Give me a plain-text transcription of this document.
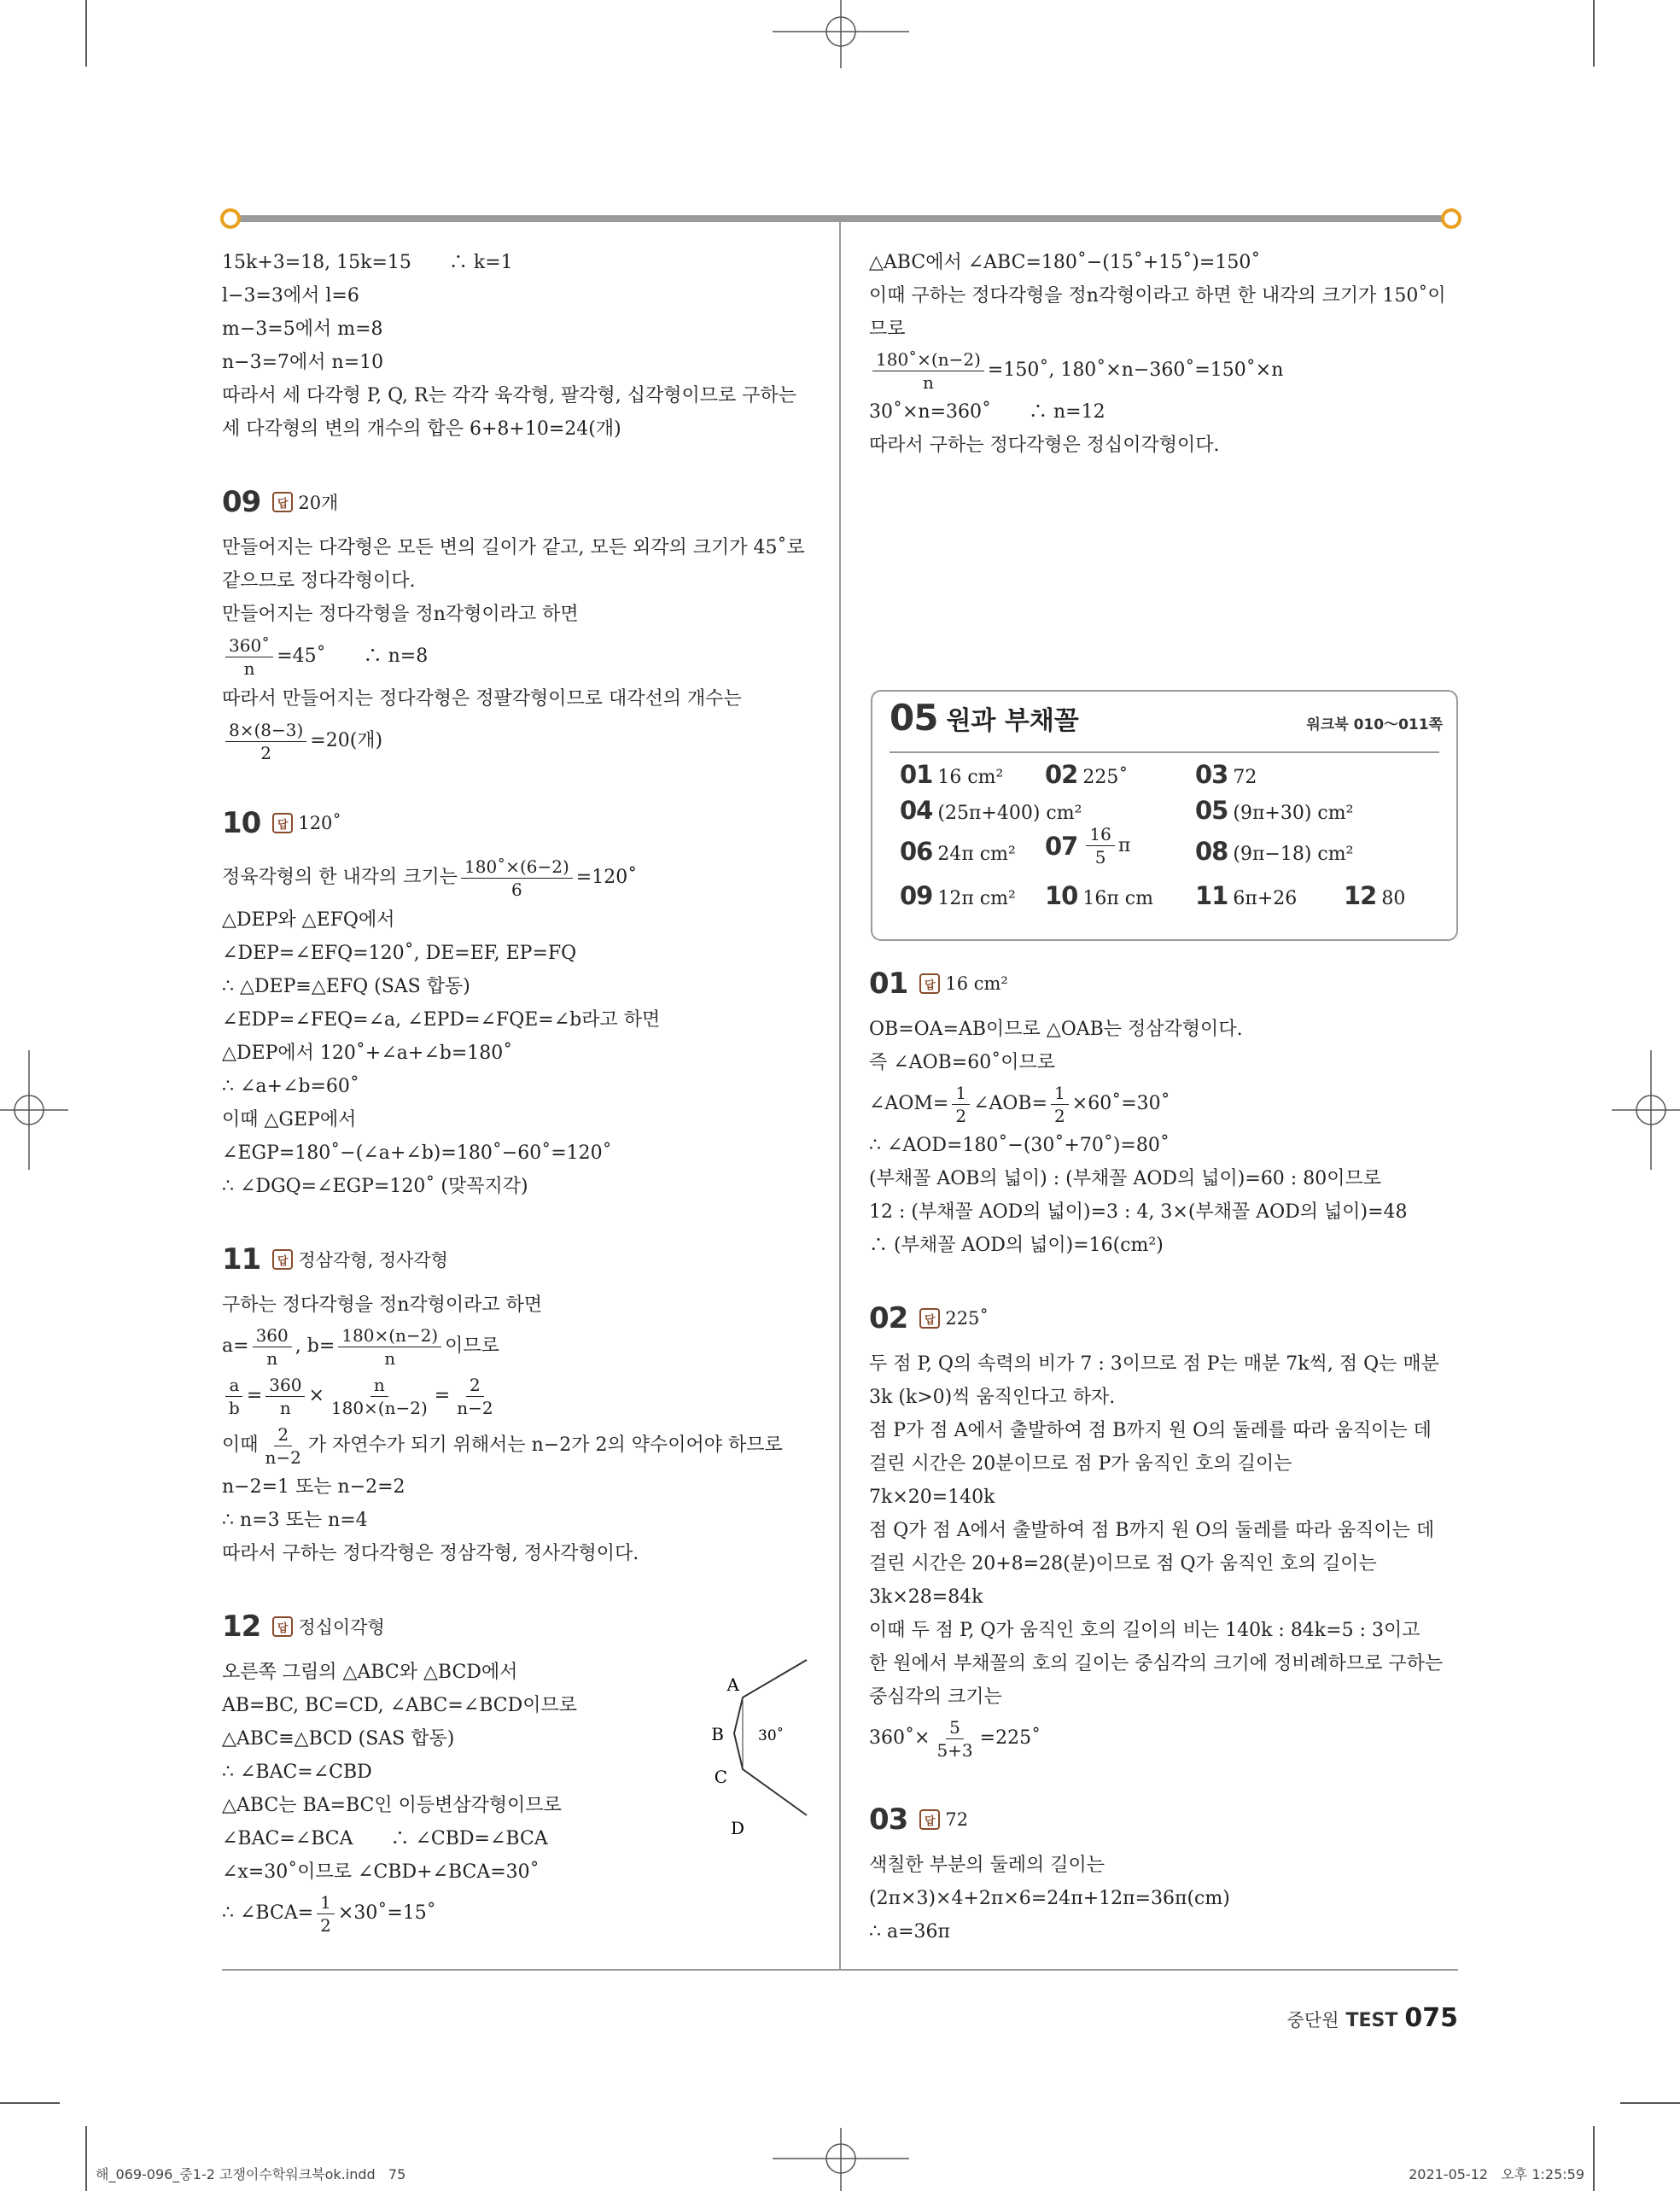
15k+3=18, 15k=15　　∴ k=1
l−3=3에서 l=6
m−3=5에서 m=8
n−3=7에서 n=10
따라서 세 다각형 P, Q, R는 각각 육각형, 팔각형, 십각형이므로 구하는
세 다각형의 변의 개수의 합은 6+8+10=24(개)
09	답 20개
만들어지는 다각형은 모든 변의 길이가 같고, 모든 외각의 크기가 45˚로
같으므로 정다각형이다.
만들어지는 정다각형을 정n각형이라고 하면
$\frac{360˚}{n}$ =45˚　　∴ n=8
따라서 만들어지는 정다각형은 정팔각형이므로 대각선의 개수는
$\frac{8\times(8-3)}{2} =20$(개)
10	답 120˚
정육각형의 한 내각의 크기는 $\frac{180˚\times(6-2)}{6}$ =120˚
△DEP와 △EFQ에서
∠DEP=∠EFQ=120˚, DE=EF, EP=FQ
∴ △DEP≡△EFQ (SAS 합동)
∠EDP=∠FEQ=∠a, ∠EPD=∠FQE=∠b라고 하면
△DEP에서 120˚+∠a+∠b=180˚
∴ ∠a+∠b=60˚
이때 △GEP에서
∠EGP=180˚−(∠a+∠b)=180˚−60˚=120˚
∴ ∠DGQ=∠EGP=120˚ (맞꼭지각)
11	답 정삼각형, 정사각형
구하는 정다각형을 정n각형이라고 하면
$a= \frac{360}{n}$ , $b= \frac{180\times(n-2)}{n}$ 이므로
$\frac{a}{b} = \frac{360}{n} \times \frac{n}{180\times(n-2)} = \frac{2}{n-2}$
이때 $\frac{2}{n-2}$ 가 자연수가 되기 위해서는 n−2가 2의 약수이어야 하므로
n−2=1 또는 n−2=2
∴ n=3 또는 n=4
따라서 구하는 정다각형은 정삼각형, 정사각형이다.
12	답 정십이각형
오른쪽 그림의 △ABC와 △BCD에서
AB=BC, BC=CD, ∠ABC=∠BCD이므로
△ABC≡△BCD (SAS 합동)
∴ ∠BAC=∠CBD
△ABC는 BA=BC인 이등변삼각형이므로
∠BAC=∠BCA　　∴ ∠CBD=∠BCA
∠x=30˚이므로 ∠CBD+∠BCA=30˚
∴ ∠BCA= $\frac{1}{2}$ ×30˚=15˚
A
B
C
D
30˚
△ABC에서 ∠ABC=180˚−(15˚+15˚)=150˚
이때 구하는 정다각형을 정n각형이라고 하면 한 내각의 크기가 150˚이
므로
$\frac{180˚\times(n-2)}{n}$ =150˚, 180˚×n−360˚=150˚×n
30˚×n=360˚　　∴ n=12
따라서 구하는 정다각형은 정십이각형이다.
05 원과 부채꼴	워크북 010～011쪽
01 16 cm² 02 225˚	03 72
04 (25π+400) cm²	05 (9π+30) cm²
06 24π cm² $07 \frac{16}{5}$ π	08 (9π−18) cm²
09 12π cm² 10 16π cm 11 6π+26 12 80
01	답 16 cm²
OB=OA=AB이므로 △OAB는 정삼각형이다.
즉 ∠AOB=60˚이므로
∠AOM= $\frac{1}{2}$ ∠AOB= $\frac{1}{2}$ ×60˚=30˚
∴ ∠AOD=180˚−(30˚+70˚)=80˚
(부채꼴 AOB의 넓이) : (부채꼴 AOD의 넓이)=60 : 80이므로
12 : (부채꼴 AOD의 넓이)=3 : 4, 3×(부채꼴 AOD의 넓이)=48
∴ (부채꼴 AOD의 넓이)=16(cm²)
02	답 225˚
두 점 P, Q의 속력의 비가 7 : 3이므로 점 P는 매분 7k씩, 점 Q는 매분
3k (k>0)씩 움직인다고 하자.
점 P가 점 A에서 출발하여 점 B까지 원 O의 둘레를 따라 움직이는 데
걸린 시간은 20분이므로 점 P가 움직인 호의 길이는
7k×20=140k
점 Q가 점 A에서 출발하여 점 B까지 원 O의 둘레를 따라 움직이는 데
걸린 시간은 20+8=28(분)이므로 점 Q가 움직인 호의 길이는
3k×28=84k
이때 두 점 P, Q가 움직인 호의 길이의 비는 140k : 84k=5 : 3이고
한 원에서 부채꼴의 호의 길이는 중심각의 크기에 정비례하므로 구하는
중심각의 크기는
360˚× $\frac{5}{5+3}$ =225˚
03	답 72
색칠한 부분의 둘레의 길이는
(2π×3)×4+2π×6=24π+12π=36π(cm)
∴ a=36π
중단원 TEST 075
해_069-096_중1-2 고쟁이수학워크북ok.indd   75	2021-05-12   오후 1:25:59
